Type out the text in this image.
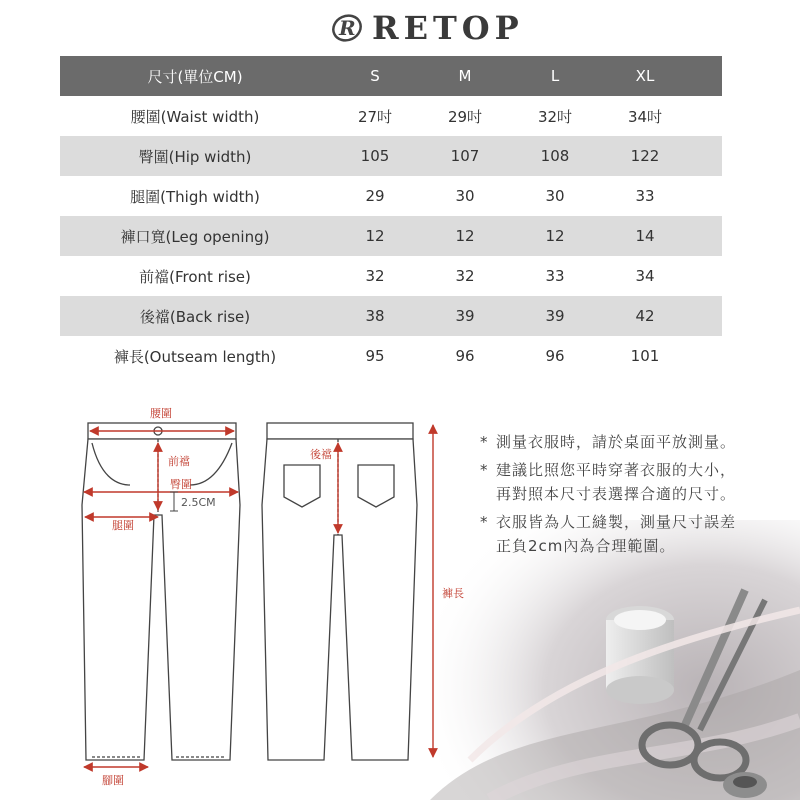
R RETOP
尺寸(單位CM)	S	M	L	XL	
腰圍(Waist width)	27吋	29吋	32吋	34吋	
臀圍(Hip width)	105	107	108	122	
腿圍(Thigh width)	29	30	30	33	
褲口寬(Leg opening)	12	12	12	14	
前襠(Front rise)	32	32	33	34	
後襠(Back rise)	38	39	39	42	
褲長(Outseam length)	95	96	96	101	
* 測量衣服時，請於桌面平放測量。
* 建議比照您平時穿著衣服的大小，
再對照本尺寸表選擇合適的尺寸。
* 衣服皆為人工縫製，測量尺寸誤差
正負2cm內為合理範圍。
腰圍
前襠
臀圍
2.5CM
腿圍
後襠
褲長
腳圍
